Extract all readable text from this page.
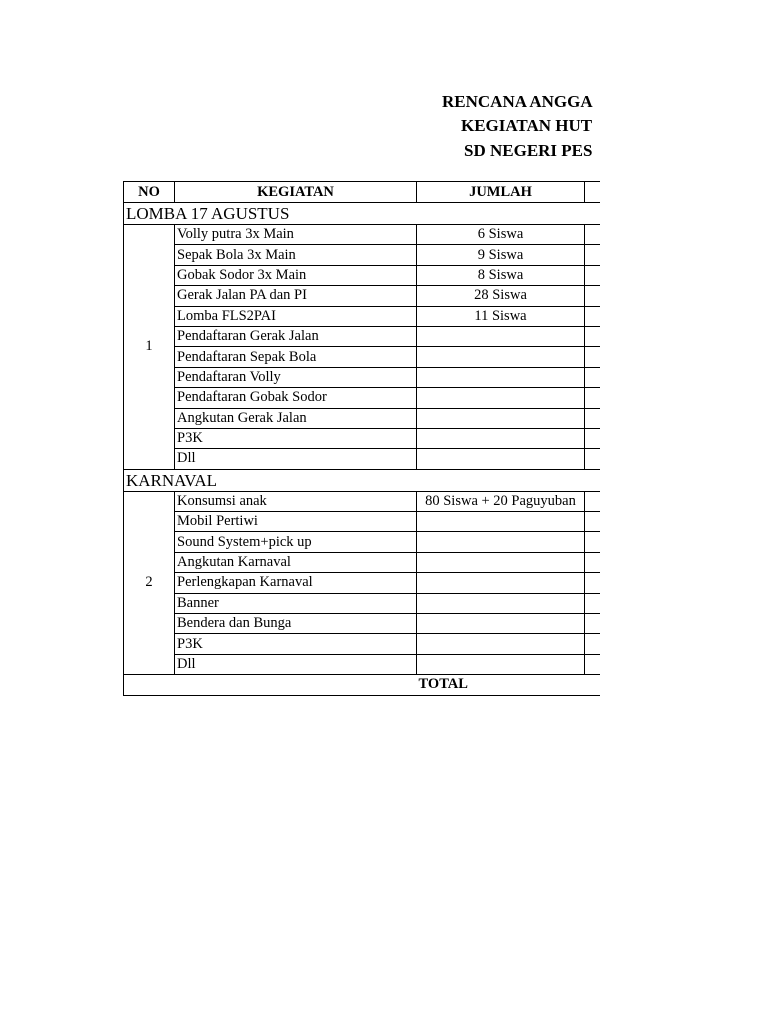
RENCANA ANGGA
KEGIATAN HUT
SD NEGERI PES
NO	KEGIATAN	JUMLAH	
LOMBA 17 AGUSTUS			
1	Volly putra 3x Main	6 Siswa	
	Sepak Bola 3x Main	9 Siswa	
	Gobak Sodor 3x Main	8 Siswa	
	Gerak Jalan PA dan PI	28 Siswa	
	Lomba FLS2PAI	11 Siswa	
	Pendaftaran Gerak Jalan		
	Pendaftaran Sepak Bola		
	Pendaftaran Volly		
	Pendaftaran Gobak Sodor		
	Angkutan Gerak Jalan		
	P3K		
	Dll		
KARNAVAL			
2	Konsumsi anak	80 Siswa + 20 Paguyuban	
	Mobil Pertiwi		
	Sound System+pick up		
	Angkutan Karnaval		
	Perlengkapan Karnaval		
	Banner		
	Bendera dan Bunga		
	P3K		
	Dll		
		TOTAL	
